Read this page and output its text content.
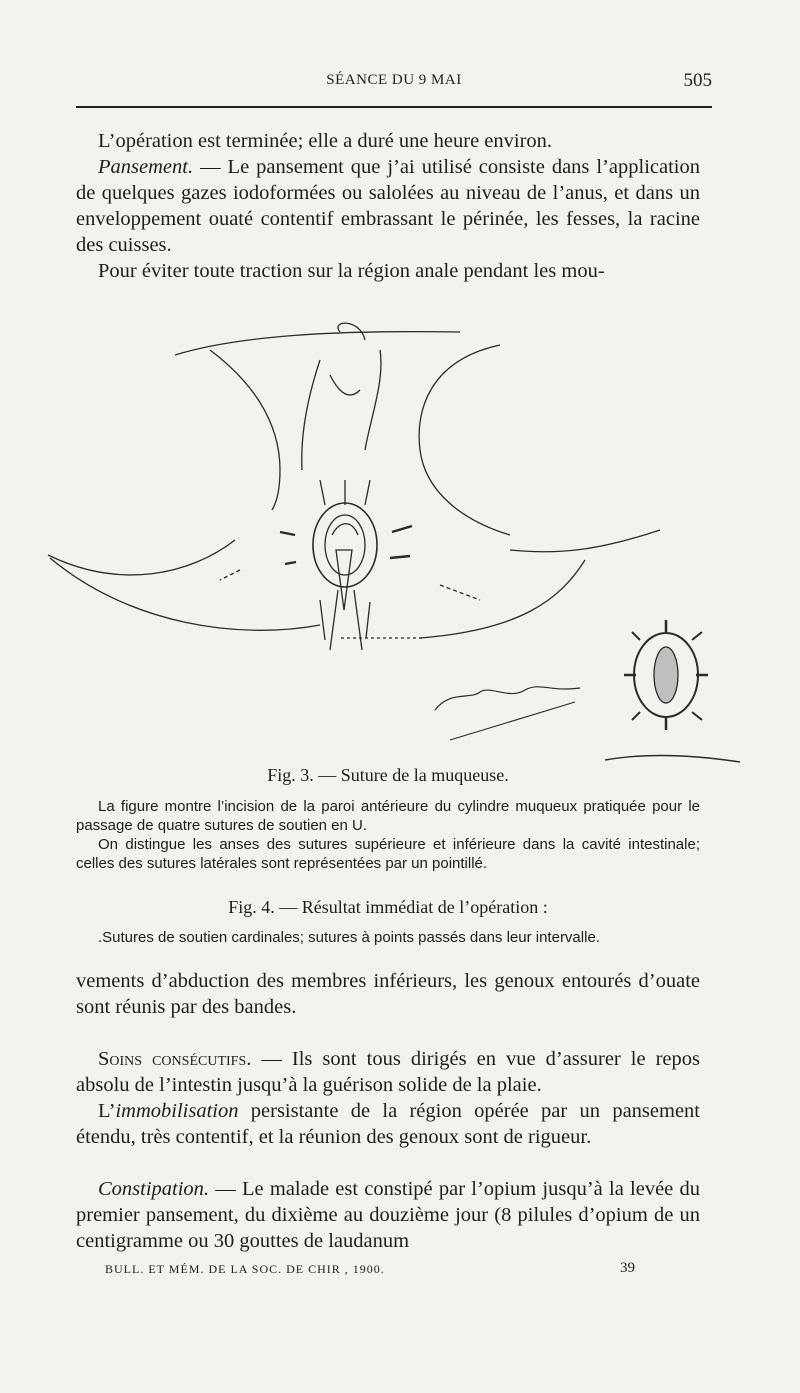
SÉANCE DU 9 MAI	505
L’opération est terminée; elle a duré une heure environ.
Pansement. — Le pansement que j’ai utilisé consiste dans l’application de quelques gazes iodoformées ou salolées au niveau de l’anus, et dans un enveloppement ouaté contentif embrassant le périnée, les fesses, la racine des cuisses.
Pour éviter toute traction sur la région anale pendant les mou-
Fig. 3. — Suture de la muqueuse.
La figure montre l’incision de la paroi antérieure du cylindre muqueux pratiquée pour le passage de quatre sutures de soutien en U.
On distingue les anses des sutures supérieure et inférieure dans la cavité intestinale; celles des sutures latérales sont représentées par un pointillé.
Fig. 4. — Résultat immédiat de l’opération :
.Sutures de soutien cardinales; sutures à points passés dans leur intervalle.
vements d’abduction des membres inférieurs, les genoux entourés d’ouate sont réunis par des bandes.
Soins consécutifs. — Ils sont tous dirigés en vue d’assurer le repos absolu de l’intestin jusqu’à la guérison solide de la plaie.
L’immobilisation persistante de la région opérée par un pansement étendu, très contentif, et la réunion des genoux sont de rigueur.
Constipation. — Le malade est constipé par l’opium jusqu’à la levée du premier pansement, du dixième au douzième jour (8 pilules d’opium de un centigramme ou 30 gouttes de laudanum
BULL. ET MÉM. DE LA SOC. DE CHIR , 1900.	39
